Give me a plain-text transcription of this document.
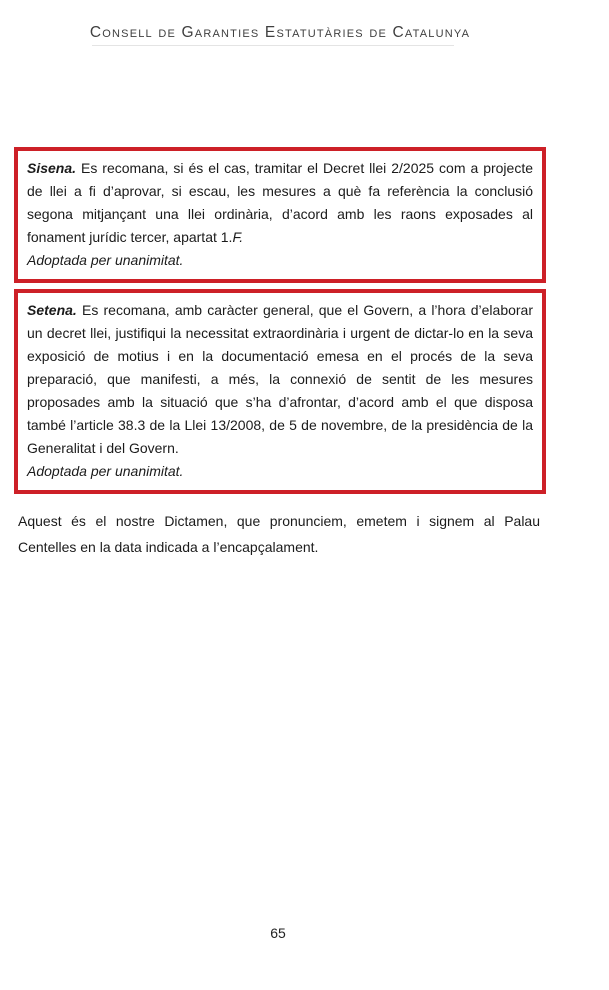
Consell de Garanties Estatutàries de Catalunya

Sisena. Es recomana, si és el cas, tramitar el Decret llei 2/2025 com a projecte de llei a fi d’aprovar, si escau, les mesures a què fa referència la conclusió segona mitjançant una llei ordinària, d’acord amb les raons exposades al fonament jurídic tercer, apartat 1.F.

Adoptada per unanimitat.

Setena. Es recomana, amb caràcter general, que el Govern, a l’hora d’elaborar un decret llei, justifiqui la necessitat extraordinària i urgent de dictar-lo en la seva exposició de motius i en la documentació emesa en el procés de la seva preparació, que manifesti, a més, la connexió de sentit de les mesures proposades amb la situació que s’ha d’afrontar, d’acord amb el que disposa també l’article 38.3 de la Llei 13/2008, de 5 de novembre, de la presidència de la Generalitat i del Govern.

Adoptada per unanimitat.

Aquest és el nostre Dictamen, que pronunciem, emetem i signem al Palau Centelles en la data indicada a l’encapçalament.

65
